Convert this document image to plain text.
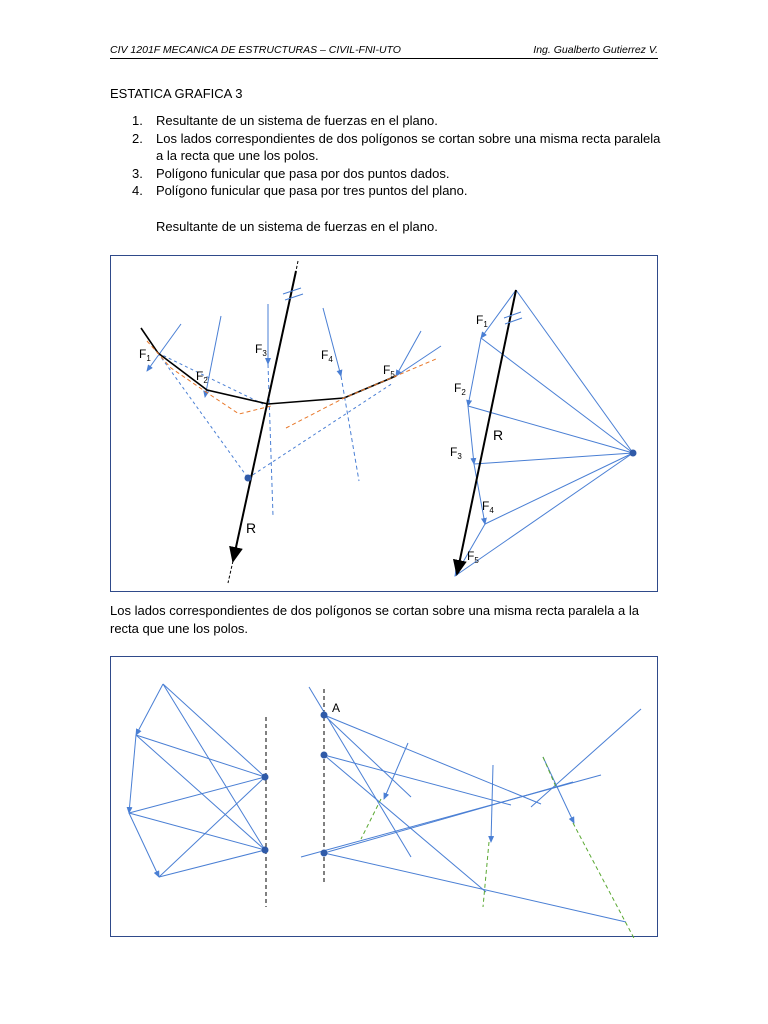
CIV 1201F MECANICA DE ESTRUCTURAS – CIVIL-FNI-UTO	Ing. Gualberto Gutierrez V.
ESTATICA GRAFICA 3
1. Resultante de un sistema de fuerzas en el plano.
2. Los lados correspondientes de dos polígonos se cortan sobre una misma recta paralela a la recta que une los polos.
3. Polígono funicular que pasa por dos puntos dados.
4. Polígono funicular que pasa por tres puntos del plano.
Resultante de un sistema de fuerzas en el plano.
$F_1$
$F_2$
$F_3$	$F_4$
$F_5$
R
$F_1$
$F_2$
$F_3$
$F_4$
$F_5$
R
Los lados correspondientes de dos polígonos se cortan sobre una misma recta paralela a la recta que une los polos.
A
